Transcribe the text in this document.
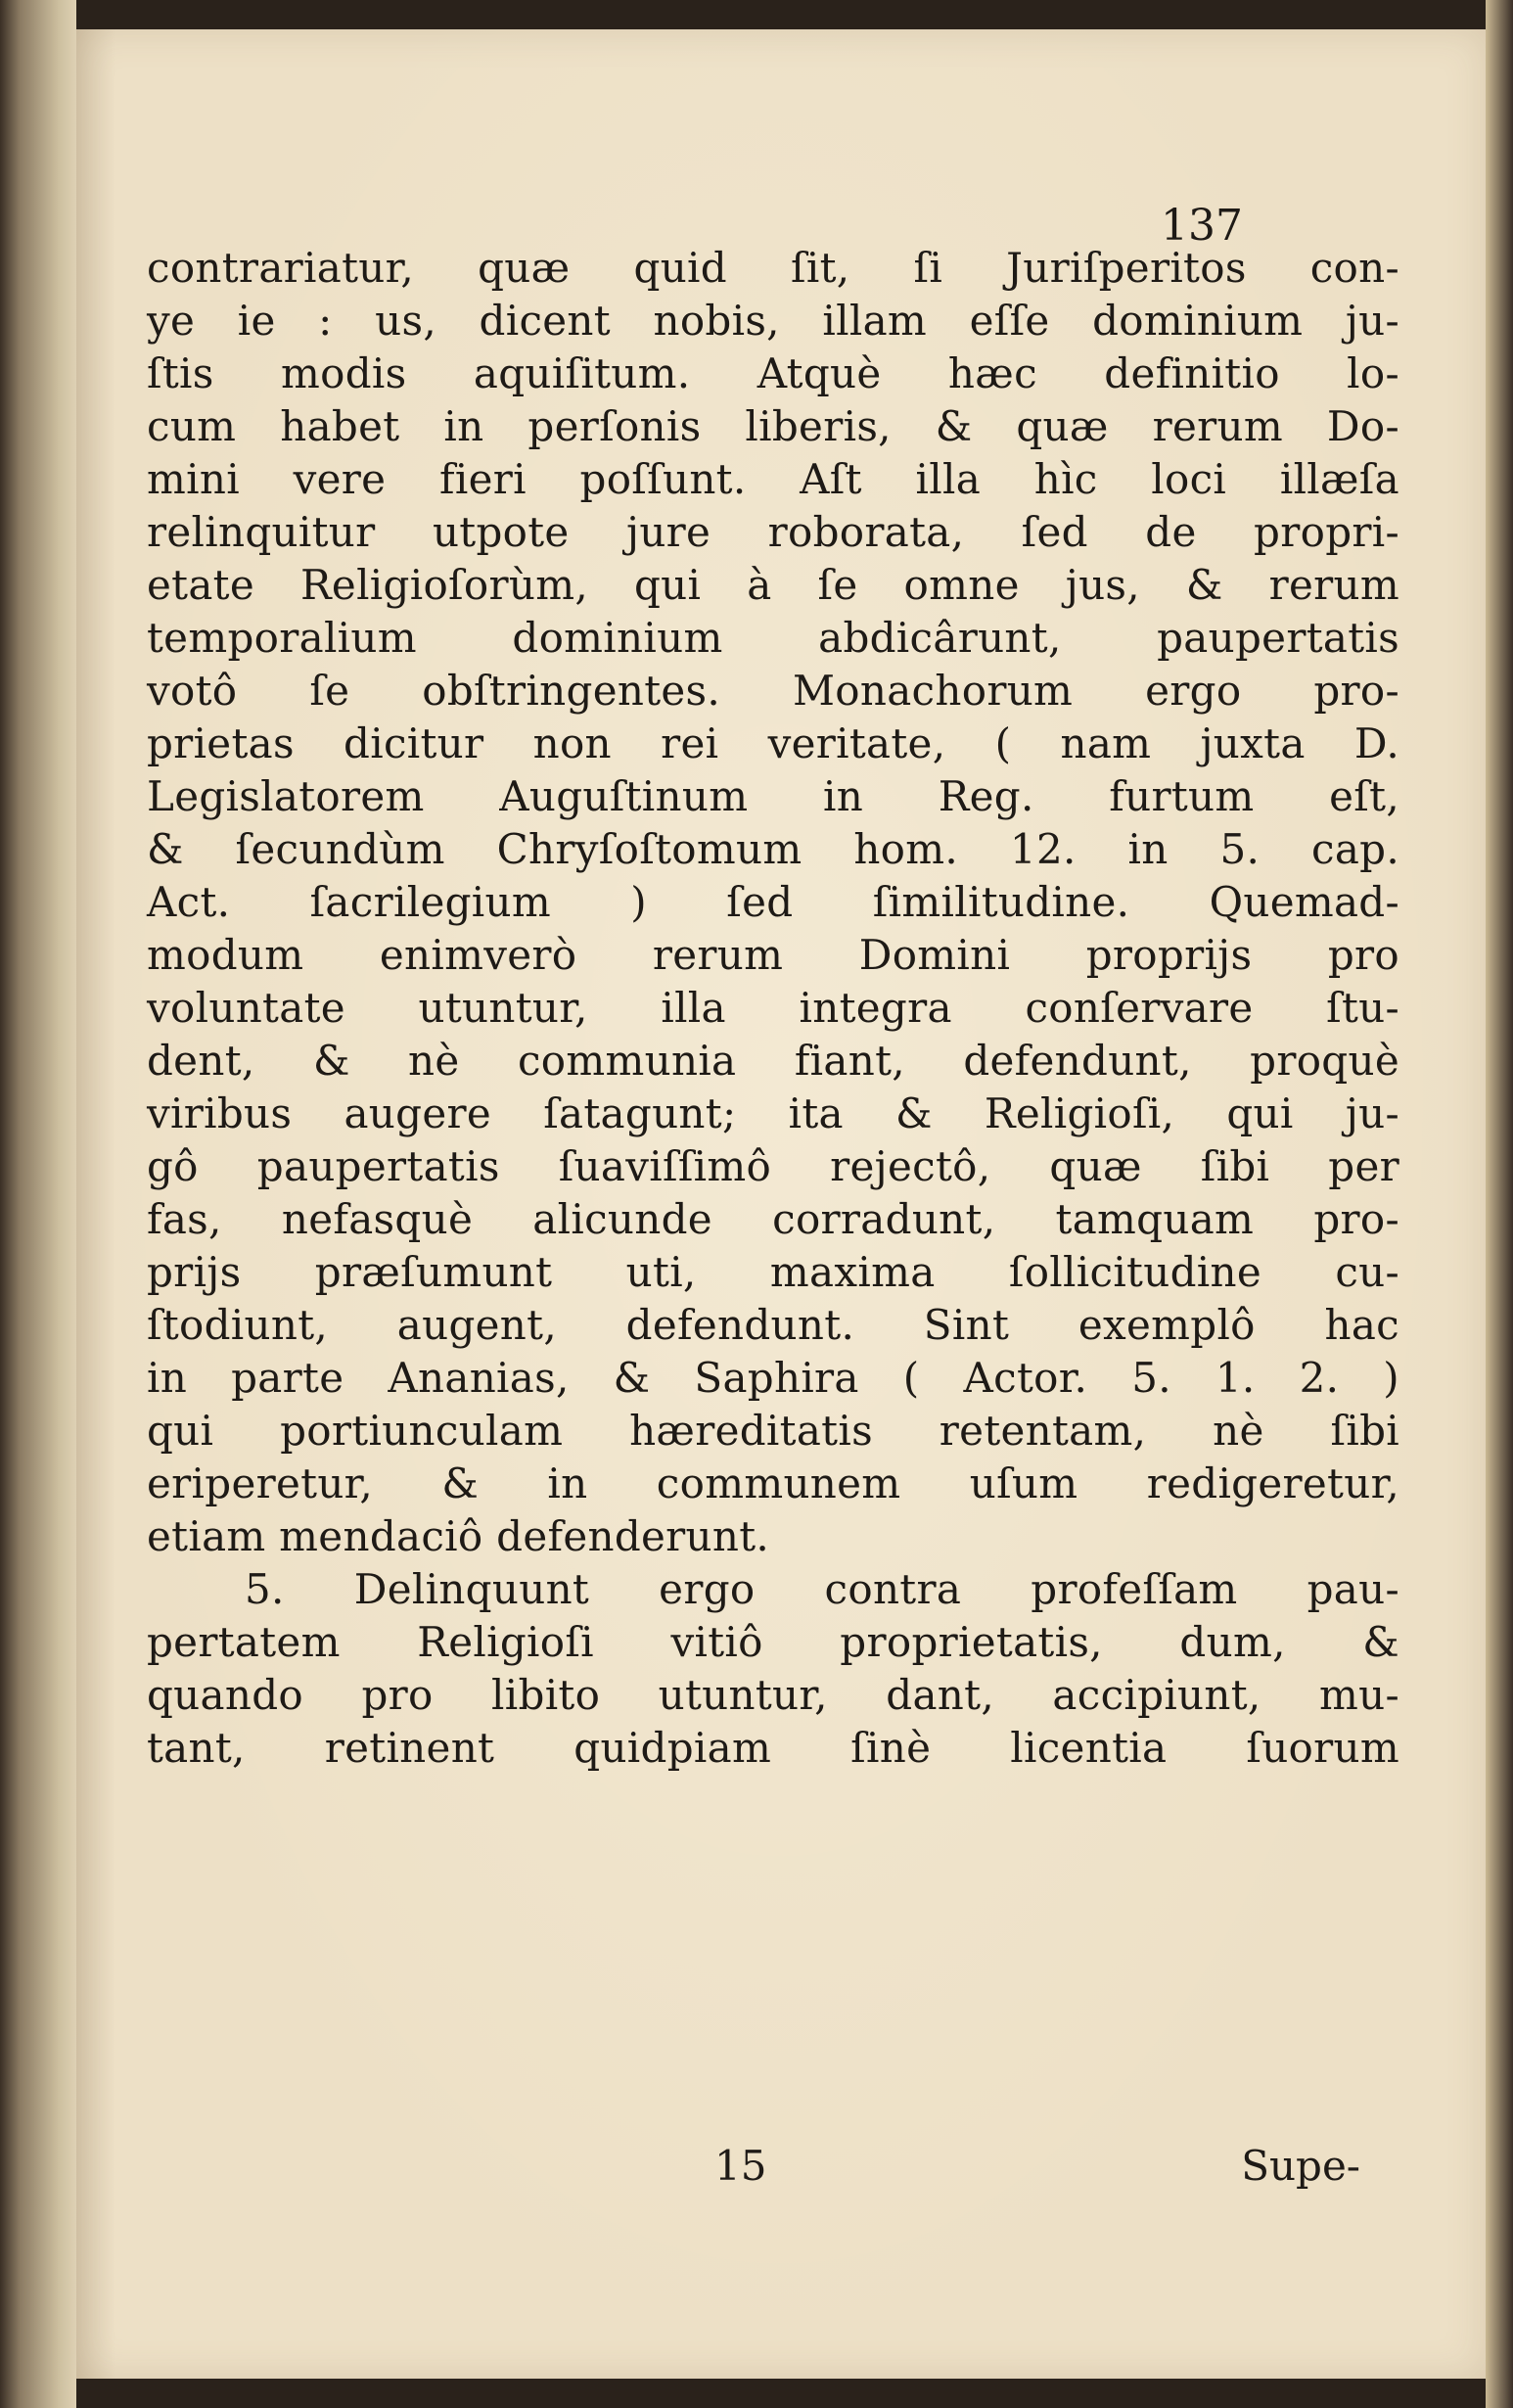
137
contrariatur, quæ quid ſit, ſi Juriſperitos con-
ye ie : us, dicent nobis, illam eſſe dominium ju-
ſtis modis aquiſitum. Atquè hæc definitio lo-
cum habet in perſonis liberis, & quæ rerum Do-
mini vere fieri poſſunt. Aſt illa hìc loci illæſa
relinquitur utpote jure roborata, ſed de propri-
etate Religioſorùm, qui à ſe omne jus, & rerum
temporalium dominium abdicârunt, paupertatis
votô ſe obſtringentes. Monachorum ergo pro-
prietas dicitur non rei veritate, ( nam juxta D.
Legislatorem Auguſtinum in Reg. furtum eſt,
& ſecundùm Chryſoſtomum hom. 12. in 5. cap.
Act. ſacrilegium ) ſed ſimilitudine. Quemad-
modum enimverò rerum Domini proprijs pro
voluntate utuntur, illa integra conſervare ſtu-
dent, & nè communia fiant, defendunt, proquè
viribus augere ſatagunt; ita & Religioſi, qui ju-
gô paupertatis ſuaviſſimô rejectô, quæ ſibi per
fas, nefasquè alicunde corradunt, tamquam pro-
prijs præſumunt uti, maxima ſollicitudine cu-
ſtodiunt, augent, defendunt. Sint exemplô hac
in parte Ananias, & Saphira ( Actor. 5. 1. 2. )
qui portiunculam hæreditatis retentam, nè ſibi
eriperetur, & in communem uſum redigeretur,
etiam mendaciô defenderunt.
5. Delinquunt ergo contra profeſſam pau-
pertatem Religioſi vitiô proprietatis, dum, &
quando pro libito utuntur, dant, accipiunt, mu-
tant, retinent quidpiam ſinè licentia ſuorum
15	Supe-
